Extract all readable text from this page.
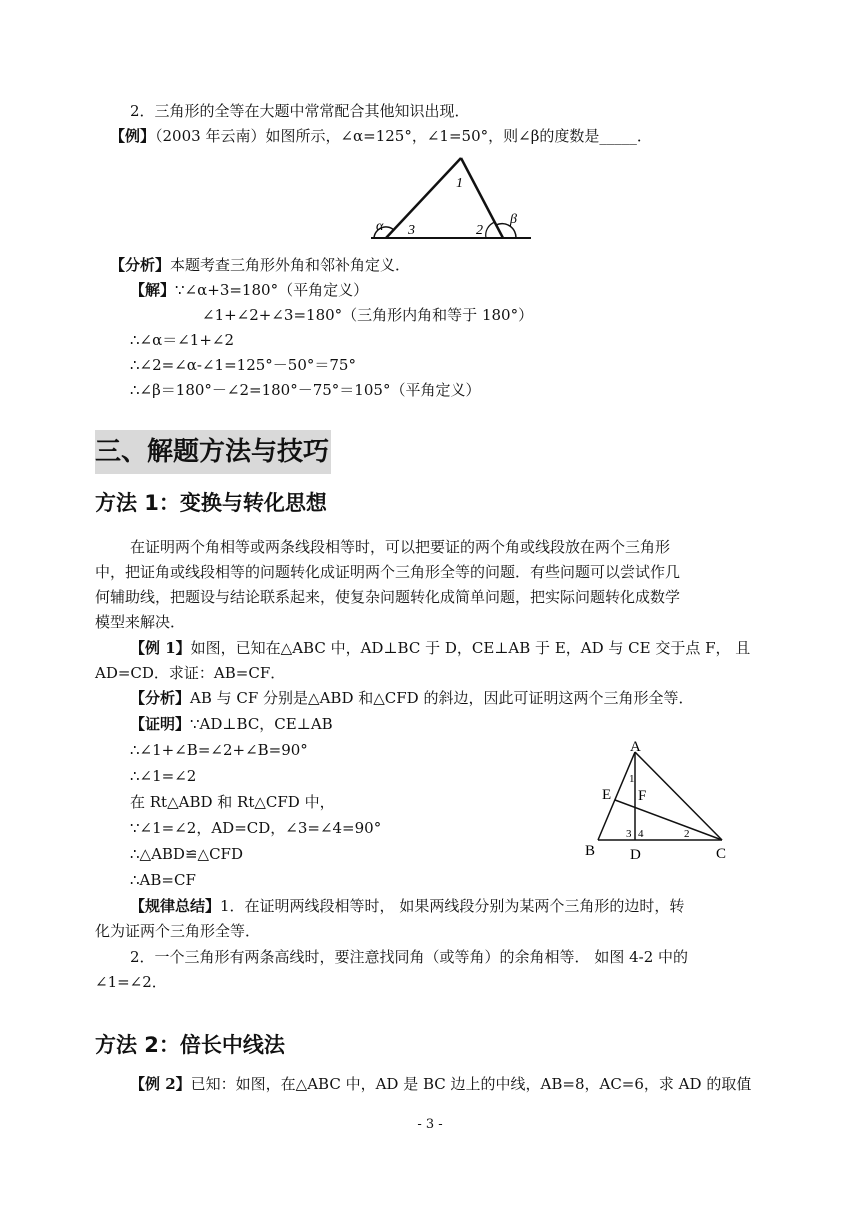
2．三角形的全等在大题中常常配合其他知识出现．
【例】（2003 年云南）如图所示，∠α=125°，∠1=50°，则∠β的度数是_____．
1
3	2
α	β
【分析】本题考查三角形外角和邻补角定义．
【解】∵∠α+3=180°（平角定义）
∠1+∠2+∠3=180°（三角形内角和等于 180°）
∴∠α＝∠1+∠2
∴∠2=∠α-∠1=125°－50°＝75°
∴∠β＝180°－∠2=180°－75°＝105°（平角定义）
三、解题方法与技巧
方法 1：变换与转化思想
在证明两个角相等或两条线段相等时，可以把要证的两个角或线段放在两个三角形
中，把证角或线段相等的问题转化成证明两个三角形全等的问题．有些问题可以尝试作几
何辅助线，把题设与结论联系起来，使复杂问题转化成简单问题，把实际问题转化成数学
模型来解决．
【例 1】如图，已知在△ABC 中，AD⊥BC 于 D，CE⊥AB 于 E，AD 与 CE 交于点 F， 且
AD=CD．求证：AB=CF．
【分析】AB 与 CF 分别是△ABD 和△CFD 的斜边，因此可证明这两个三角形全等．
【证明】∵AD⊥BC，CE⊥AB
∴∠1+∠B=∠2+∠B=90°
∴∠1=∠2
在 Rt△ABD 和 Rt△CFD 中，
∵∠1=∠2，AD=CD，∠3=∠4=90°
∴△ABD≌△CFD
∴AB=CF
A
B	C
D
E F
1
2
3 4
【规律总结】1．在证明两线段相等时， 如果两线段分别为某两个三角形的边时，转
化为证两个三角形全等．
2．一个三角形有两条高线时，要注意找同角（或等角）的余角相等． 如图 4-2 中的
∠1=∠2．
方法 2：倍长中线法
【例 2】已知：如图，在△ABC 中，AD 是 BC 边上的中线，AB=8，AC=6，求 AD 的取值
- 3 -
